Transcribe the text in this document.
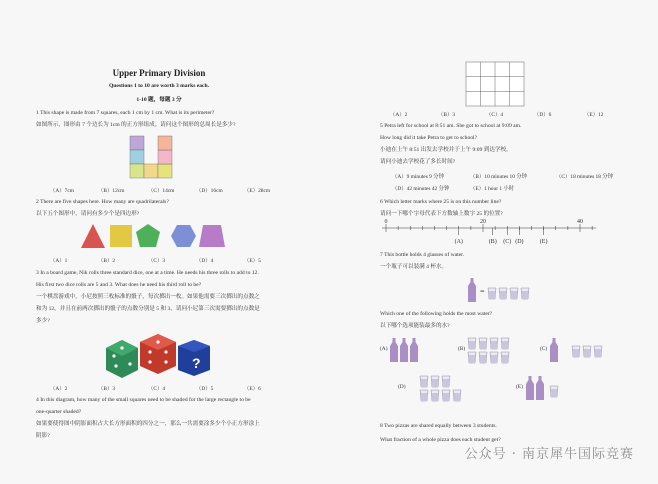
Upper Primary Division
Questions 1 to 10 are worth 3 marks each.
1-10 题，每题 3 分
1 This shape is made from 7 squares, each 1 cm by 1 cm. What is its perimeter?
如图所示，图形由 7 个边长为 1cm 的正方形组成。请问这个图形的总周长是多少?
（A）7cm	（B）12cm	（C）14cm	（D）16cm	（E）28cm
2 There are five shapes here. How many are quadrilaterals?
以下五个图形中，请问有多少个是四边形?
（A）1	（B）2	（C）3	（D）4	（E）5
3 In a board game, Nik rolls three standard dice, one at a time. He needs his three rolls to add to 12.
His first two dice rolls are 5 and 3. What does he need his third roll to be?
一个棋盘游戏中，小尼按照三枚标准的骰子，每次掷出一枚。如果他需要三次掷出的点数之
和为 12，并且在前两次掷出的骰子的点数分别是 5 和 3，请问小尼第三次需要掷出的点数是
多少?
?
（A）2	（B）3	（C）4	（D）5	（E）6
4 In this diagram, how many of the small squares need to be shaded for the large rectangle to be
one-quarter shaded?
如果要使得图中阴影面积占大长方形面积的四分之一，那么一共需要涂多少个小正方形涂上
阴影?
（A）2	（B）3	（C）4	（D）6	（E）12
5 Petra left for school at 8:51 am. She got to school at 9:09 am.
How long did it take Petra to get to school?
小迪在上午 8:51 出发去学校并于上午 9:09 到达学校。
请问小迪去学校花了多长时间?
（A）9 minutes 9 分钟	（B）10 minutes 10 分钟	（C）18 minutes 18 分钟
（D）42 minutes 42 分钟	（E）1 hour 1 小时
6 Which letter marks where 25 is on this number line?
请问一下哪个字母代表下方数轴上数字 25 的位置?
0	20	40
(A)	(B) (C) (D)	(E)
7 This bottle holds 4 glasses of water.
一个瓶子可以装满 4 杯水。
=
Which one of the following holds the most water?
以下哪个选项能装最多的水?
(A)	(B)	(C)
(D)	(E)
8 Two pizzas are shared equally between 3 students.
What fraction of a whole pizza does each student get?
公众号 · 南京犀牛国际竞赛
